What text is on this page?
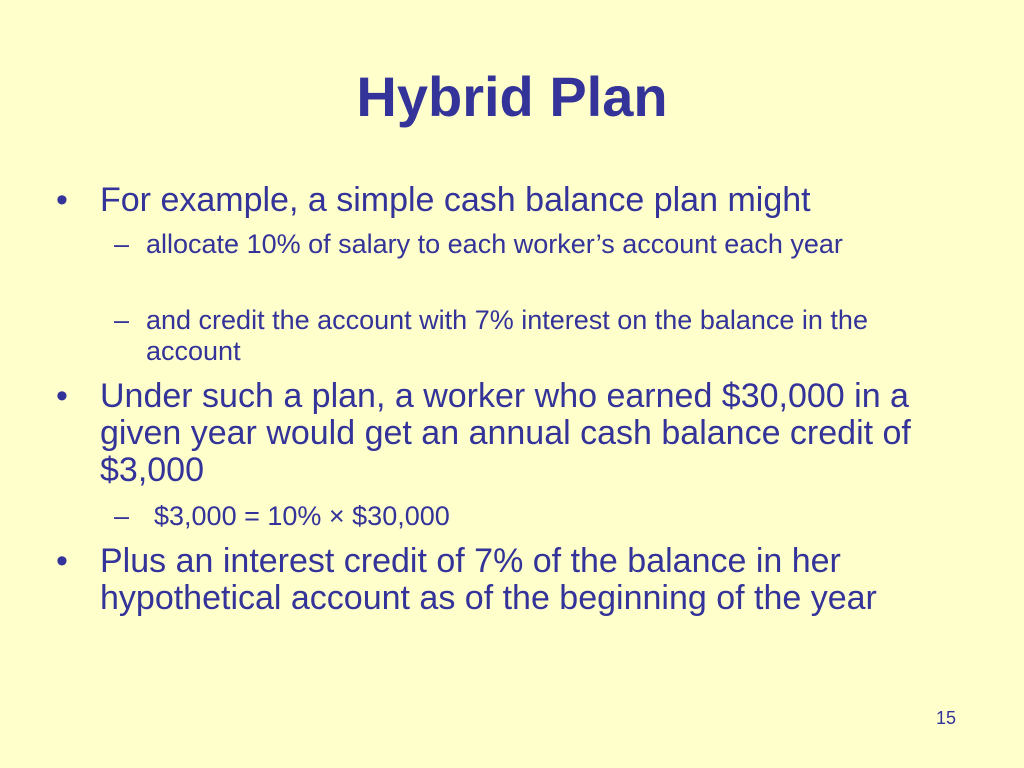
Hybrid Plan
• For example, a simple cash balance plan might
– allocate 10% of salary to each worker’s account each year
– and credit the account with 7% interest on the balance in the account
• Under such a plan, a worker who earned $30,000 in a given year would get an annual cash balance credit of $3,000
– $3,000 = 10% × $30,000
• Plus an interest credit of 7% of the balance in her hypothetical account as of the beginning of the year
15
